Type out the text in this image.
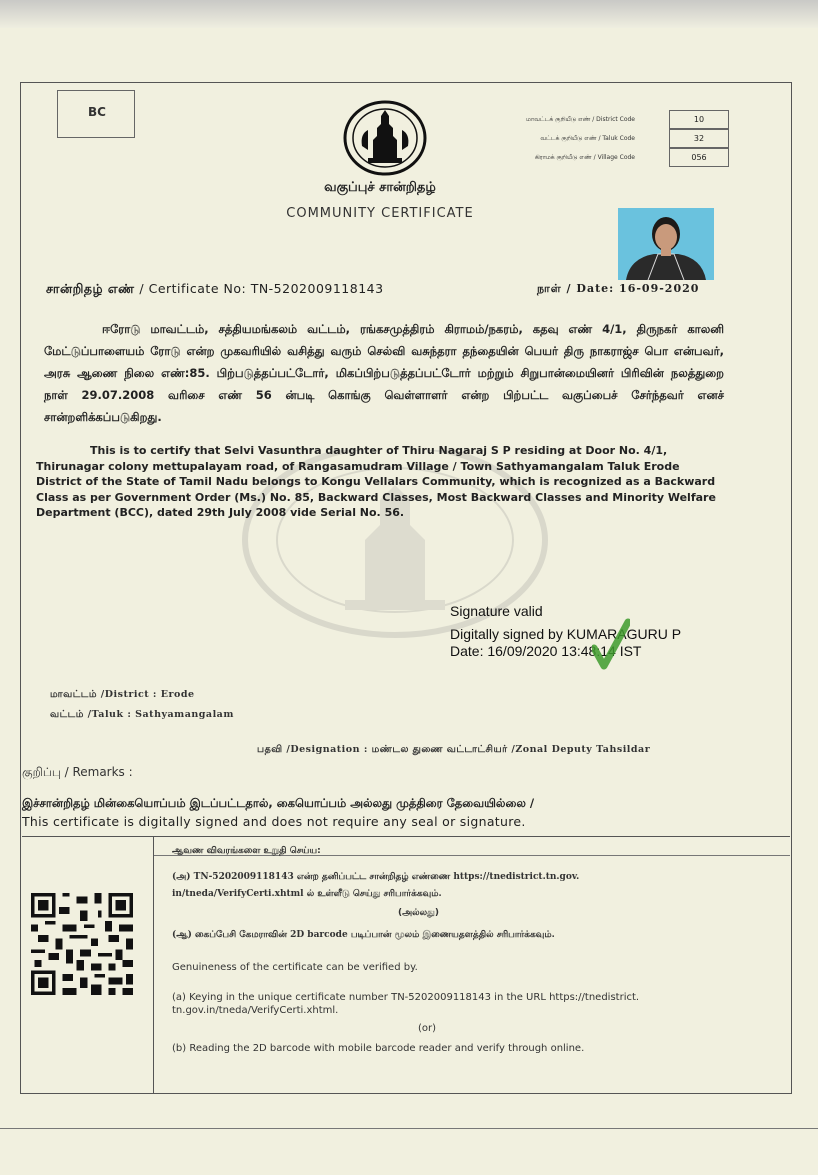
BC
வகுப்புச் சான்றிதழ்
COMMUNITY CERTIFICATE
மாவட்டக் குறியீடு எண் / District Code	10
வட்டக் குறியீடு எண் / Taluk Code	32
கிராமக் குறியீடு எண் / Village Code	056
சான்றிதழ் எண் / Certificate No: TN-5202009118143	நாள் / Date: 16-09-2020
ஈரோடு மாவட்டம், சத்தியமங்கலம் வட்டம், ரங்கசமுத்திரம் கிராமம்/நகரம், கதவு எண் 4/1, திருநகர் காலனி மேட்டுப்பாளையம் ரோடு என்ற முகவரியில் வசித்து வரும் செல்வி வசுந்தரா தந்தையின் பெயர் திரு நாகராஜ்ச பொ என்பவர், அரசு ஆணை நிலை எண்:85. பிற்படுத்தப்பட்டோர், மிகப்பிற்படுத்தப்பட்டோர் மற்றும் சிறுபான்மையினர் பிரிவின் நலத்துறை நாள் 29.07.2008 வரிசை எண் 56 ன்படி கொங்கு வெள்ளாளர் என்ற பிற்பட்ட வகுப்பைச் சேர்ந்தவர் எனச் சான்றளிக்கப்படுகிறது.
This is to certify that Selvi Vasunthra daughter of Thiru Nagaraj S P residing at Door No. 4/1, Thirunagar colony mettupalayam road, of Rangasamudram Village / Town Sathyamangalam Taluk Erode District of the State of Tamil Nadu belongs to Kongu Vellalars Community, which is recognized as a Backward Class as per Government Order (Ms.) No. 85, Backward Classes, Most Backward Classes and Minority Welfare Department (BCC), dated 29th July 2008 vide Serial No. 56.
Signature valid
Digitally signed by KUMARAGURU P
Date: 16/09/2020 13:48:14 IST
மாவட்டம் /District : Erode
வட்டம் /Taluk : Sathyamangalam
பதவி /Designation : மண்டல துணை வட்டாட்சியர் /Zonal Deputy Tahsildar
குறிப்பு / Remarks :
இச்சான்றிதழ் மின்கையொப்பம் இடப்பட்டதால், கையொப்பம் அல்லது முத்திரை தேவையில்லை /
This certificate is digitally signed and does not require any seal or signature.
ஆவண விவரங்களை உறுதி செய்ய:
(அ) TN-5202009118143 என்ற தனிப்பட்ட சான்றிதழ் எண்ணை https://tnedistrict.tn.gov.
in/tneda/VerifyCerti.xhtml ல் உள்ளீடு செய்து சரிபார்க்கவும்.
(அல்லது)
(ஆ) கைப்பேசி கேமராவின் 2D barcode படிப்பான் மூலம் இணையதளத்தில் சரிபார்க்கவும்.
Genuineness of the certificate can be verified by.
(a) Keying in the unique certificate number TN-5202009118143 in the URL https://tnedistrict.
tn.gov.in/tneda/VerifyCerti.xhtml.
(or)
(b) Reading the 2D barcode with mobile barcode reader and verify through online.
